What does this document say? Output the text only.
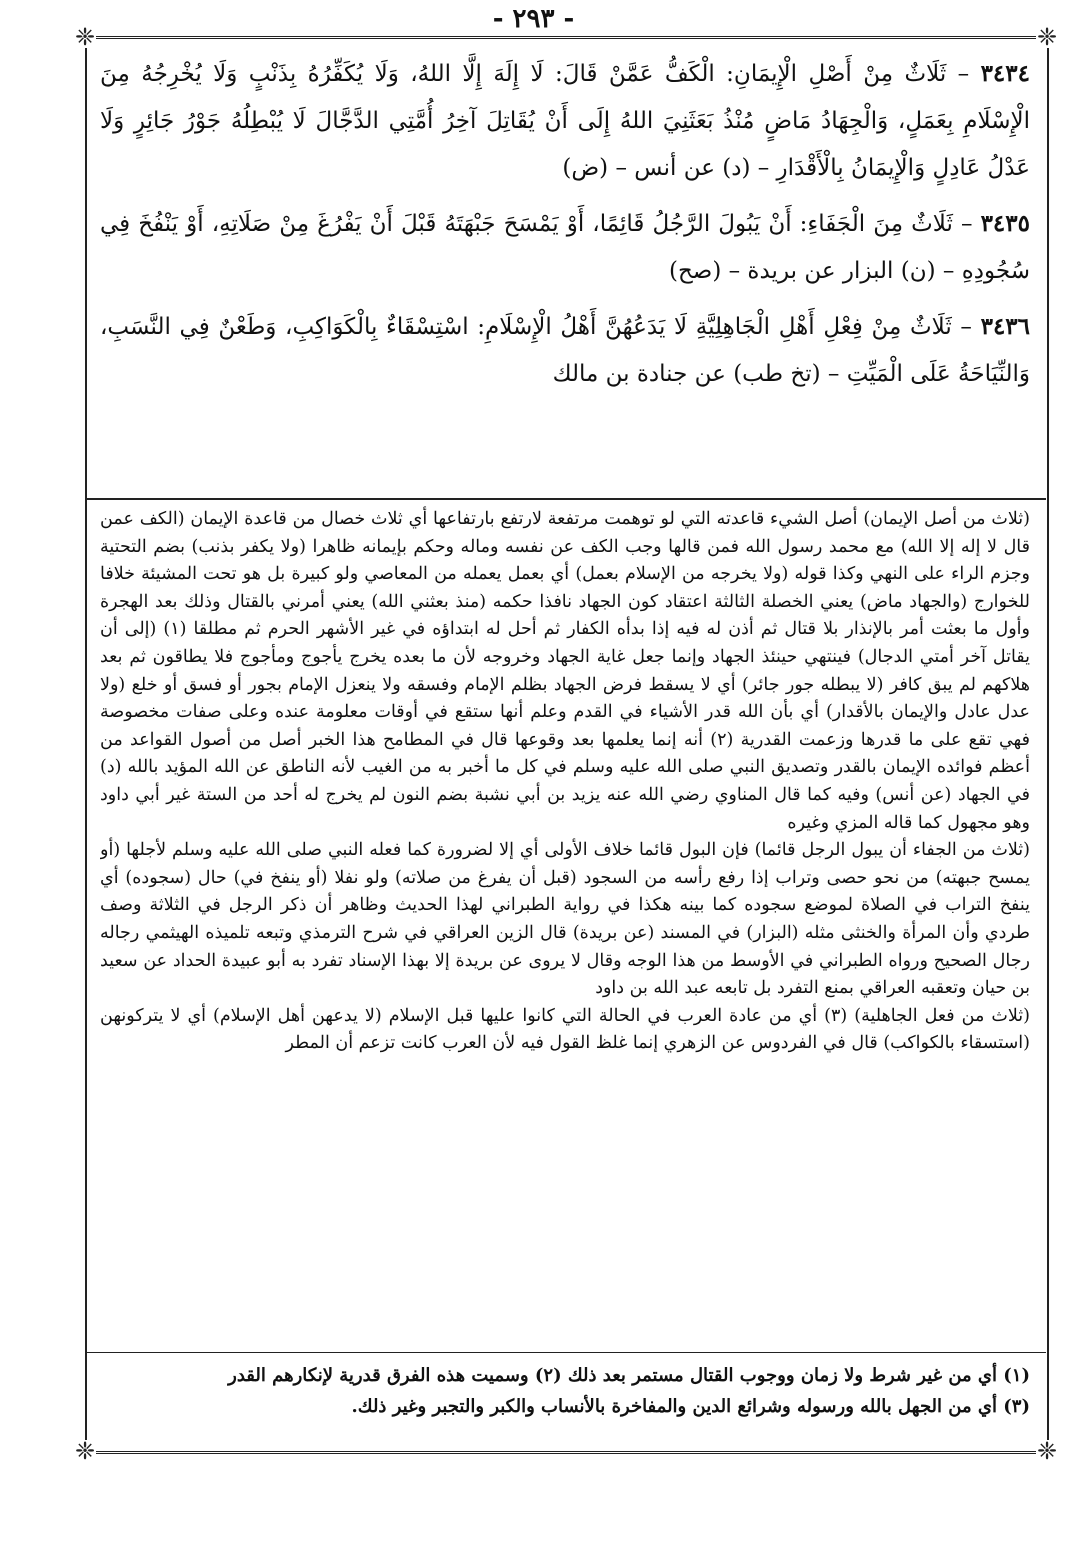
- ٢٩٣ -
❈	❈
❈	❈

٣٤٣٤ – ثَلَاثٌ مِنْ أَصْلِ الْإِيمَانِ: الْكَفُّ عَمَّنْ قَالَ: لَا إِلَهَ إِلَّا اللهُ، وَلَا يُكَفِّرُهُ بِذَنْبٍ وَلَا يُخْرِجُهُ مِنَ الْإِسْلَامِ بِعَمَلٍ، وَالْجِهَادُ مَاضٍ مُنْذُ بَعَثَنِيَ اللهُ إِلَى أَنْ يُقَاتِلَ آخِرُ أُمَّتِي الدَّجَّالَ لَا يُبْطِلُهُ جَوْرُ جَائِرٍ وَلَا عَدْلُ عَادِلٍ وَالْإِيمَانُ بِالْأَقْدَارِ – (د) عن أنس – (ض)

٣٤٣٥ – ثَلَاثٌ مِنَ الْجَفَاءِ: أَنْ يَبُولَ الرَّجُلُ قَائِمًا، أَوْ يَمْسَحَ جَبْهَتَهُ قَبْلَ أَنْ يَفْرُغَ مِنْ صَلَاتِهِ، أَوْ يَنْفُخَ فِي سُجُودِهِ – (ن) البزار عن بريدة – (صح)

٣٤٣٦ – ثَلَاثٌ مِنْ فِعْلِ أَهْلِ الْجَاهِلِيَّةِ لَا يَدَعُهُنَّ أَهْلُ الْإِسْلَامِ: اسْتِسْقَاءٌ بِالْكَوَاكِبِ، وَطَعْنٌ فِي النَّسَبِ، وَالنِّيَاحَةُ عَلَى الْمَيِّتِ – (تخ طب) عن جنادة بن مالك

(ثلاث من أصل الإيمان) أصل الشيء قاعدته التي لو توهمت مرتفعة لارتفع بارتفاعها أي ثلاث خصال من قاعدة الإيمان (الكف عمن قال لا إله إلا الله) مع محمد رسول الله فمن قالها وجب الكف عن نفسه وماله وحكم بإيمانه ظاهرا (ولا يكفر بذنب) بضم التحتية وجزم الراء على النهي وكذا قوله (ولا يخرجه من الإسلام بعمل) أي بعمل يعمله من المعاصي ولو كبيرة بل هو تحت المشيئة خلافا للخوارج (والجهاد ماض) يعني الخصلة الثالثة اعتقاد كون الجهاد نافذا حكمه (منذ بعثني الله) يعني أمرني بالقتال وذلك بعد الهجرة وأول ما بعثت أمر بالإنذار بلا قتال ثم أذن له فيه إذا بدأه الكفار ثم أحل له ابتداؤه في غير الأشهر الحرم ثم مطلقا (١) (إلى أن يقاتل آخر أمتي الدجال) فينتهي حينئذ الجهاد وإنما جعل غاية الجهاد وخروجه لأن ما بعده يخرج يأجوج ومأجوج فلا يطاقون ثم بعد هلاكهم لم يبق كافر (لا يبطله جور جائر) أي لا يسقط فرض الجهاد بظلم الإمام وفسقه ولا ينعزل الإمام بجور أو فسق أو خلع (ولا عدل عادل والإيمان بالأقدار) أي بأن الله قدر الأشياء في القدم وعلم أنها ستقع في أوقات معلومة عنده وعلى صفات مخصوصة فهي تقع على ما قدرها وزعمت القدرية (٢) أنه إنما يعلمها بعد وقوعها قال في المطامح هذا الخبر أصل من أصول القواعد من أعظم فوائده الإيمان بالقدر وتصديق النبي صلى الله عليه وسلم في كل ما أخبر به من الغيب لأنه الناطق عن الله المؤيد بالله (د) في الجهاد (عن أنس) وفيه كما قال المناوي رضي الله عنه يزيد بن أبي نشبة بضم النون لم يخرج له أحد من الستة غير أبي داود وهو مجهول كما قاله المزي وغيره

(ثلاث من الجفاء أن يبول الرجل قائما) فإن البول قائما خلاف الأولى أي إلا لضرورة كما فعله النبي صلى الله عليه وسلم لأجلها (أو يمسح جبهته) من نحو حصى وتراب إذا رفع رأسه من السجود (قبل أن يفرغ من صلاته) ولو نفلا (أو ينفخ في) حال (سجوده) أي ينفخ التراب في الصلاة لموضع سجوده كما بينه هكذا في رواية الطبراني لهذا الحديث وظاهر أن ذكر الرجل في الثلاثة وصف طردي وأن المرأة والخنثى مثله (البزار) في المسند (عن بريدة) قال الزين العراقي في شرح الترمذي وتبعه تلميذه الهيثمي رجاله رجال الصحيح ورواه الطبراني في الأوسط من هذا الوجه وقال لا يروى عن بريدة إلا بهذا الإسناد تفرد به أبو عبيدة الحداد عن سعيد بن حيان وتعقبه العراقي بمنع التفرد بل تابعه عبد الله بن داود

(ثلاث من فعل الجاهلية) (٣) أي من عادة العرب في الحالة التي كانوا عليها قبل الإسلام (لا يدعهن أهل الإسلام) أي لا يتركونهن (استسقاء بالكواكب) قال في الفردوس عن الزهري إنما غلظ القول فيه لأن العرب كانت تزعم أن المطر

(١) أي من غير شرط ولا زمان ووجوب القتال مستمر بعد ذلك (٢) وسميت هذه الفرق قدرية لإنكارهم القدر

(٣) أي من الجهل بالله ورسوله وشرائع الدين والمفاخرة بالأنساب والكبر والتجبر وغير ذلك.
